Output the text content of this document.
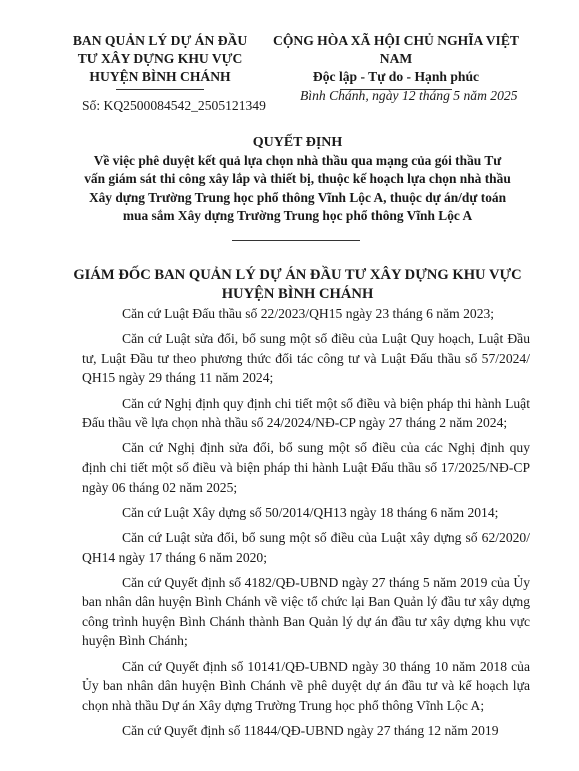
BAN QUẢN LÝ DỰ ÁN ĐẦU
TƯ XÂY DỰNG KHU VỰC
HUYỆN BÌNH CHÁNH
CỘNG HÒA XÃ HỘI CHỦ NGHĨA VIỆT NAM
Độc lập - Tự do - Hạnh phúc
Số: KQ2500084542_2505121349
Bình Chánh, ngày 12 tháng 5 năm 2025
QUYẾT ĐỊNH
Về việc phê duyệt kết quả lựa chọn nhà thầu qua mạng của gói thầu Tư
vấn giám sát thi công xây lắp và thiết bị, thuộc kế hoạch lựa chọn nhà thầu
Xây dựng Trường Trung học phổ thông Vĩnh Lộc A, thuộc dự án/dự toán
mua sắm Xây dựng Trường Trung học phổ thông Vĩnh Lộc A
GIÁM ĐỐC BAN QUẢN LÝ DỰ ÁN ĐẦU TƯ XÂY DỰNG KHU VỰC
HUYỆN BÌNH CHÁNH

Căn cứ Luật Đấu thầu số 22/2023/QH15 ngày 23 tháng 6 năm 2023;

Căn cứ Luật sửa đổi, bổ sung một số điều của Luật Quy hoạch, Luật Đầu tư, Luật Đầu tư theo phương thức đối tác công tư và Luật Đấu thầu số 57/2024/ QH15 ngày 29 tháng 11 năm 2024;

Căn cứ Nghị định quy định chi tiết một số điều và biện pháp thi hành Luật Đấu thầu về lựa chọn nhà thầu số 24/2024/NĐ-CP ngày 27 tháng 2 năm 2024;

Căn cứ Nghị định sửa đổi, bổ sung một số điều của các Nghị định quy định chi tiết một số điều và biện pháp thi hành Luật Đấu thầu số 17/2025/NĐ-CP ngày 06 tháng 02 năm 2025;

Căn cứ Luật Xây dựng số 50/2014/QH13 ngày 18 tháng 6 năm 2014;

Căn cứ Luật sửa đổi, bổ sung một số điều của Luật xây dựng số 62/2020/ QH14 ngày 17 tháng 6 năm 2020;

Căn cứ Quyết định số 4182/QĐ-UBND ngày 27 tháng 5 năm 2019 của Ủy ban nhân dân huyện Bình Chánh về việc tổ chức lại Ban Quản lý đầu tư xây dựng công trình huyện Bình Chánh thành Ban Quản lý dự án đầu tư xây dựng khu vực huyện Bình Chánh;

Căn cứ Quyết định số 10141/QĐ-UBND ngày 30 tháng 10 năm 2018 của Ủy ban nhân dân huyện Bình Chánh về phê duyệt dự án đầu tư và kế hoạch lựa chọn nhà thầu Dự án Xây dựng Trường Trung học phổ thông Vĩnh Lộc A;

Căn cứ Quyết định số 11844/QĐ-UBND ngày 27 tháng 12 năm 2019
